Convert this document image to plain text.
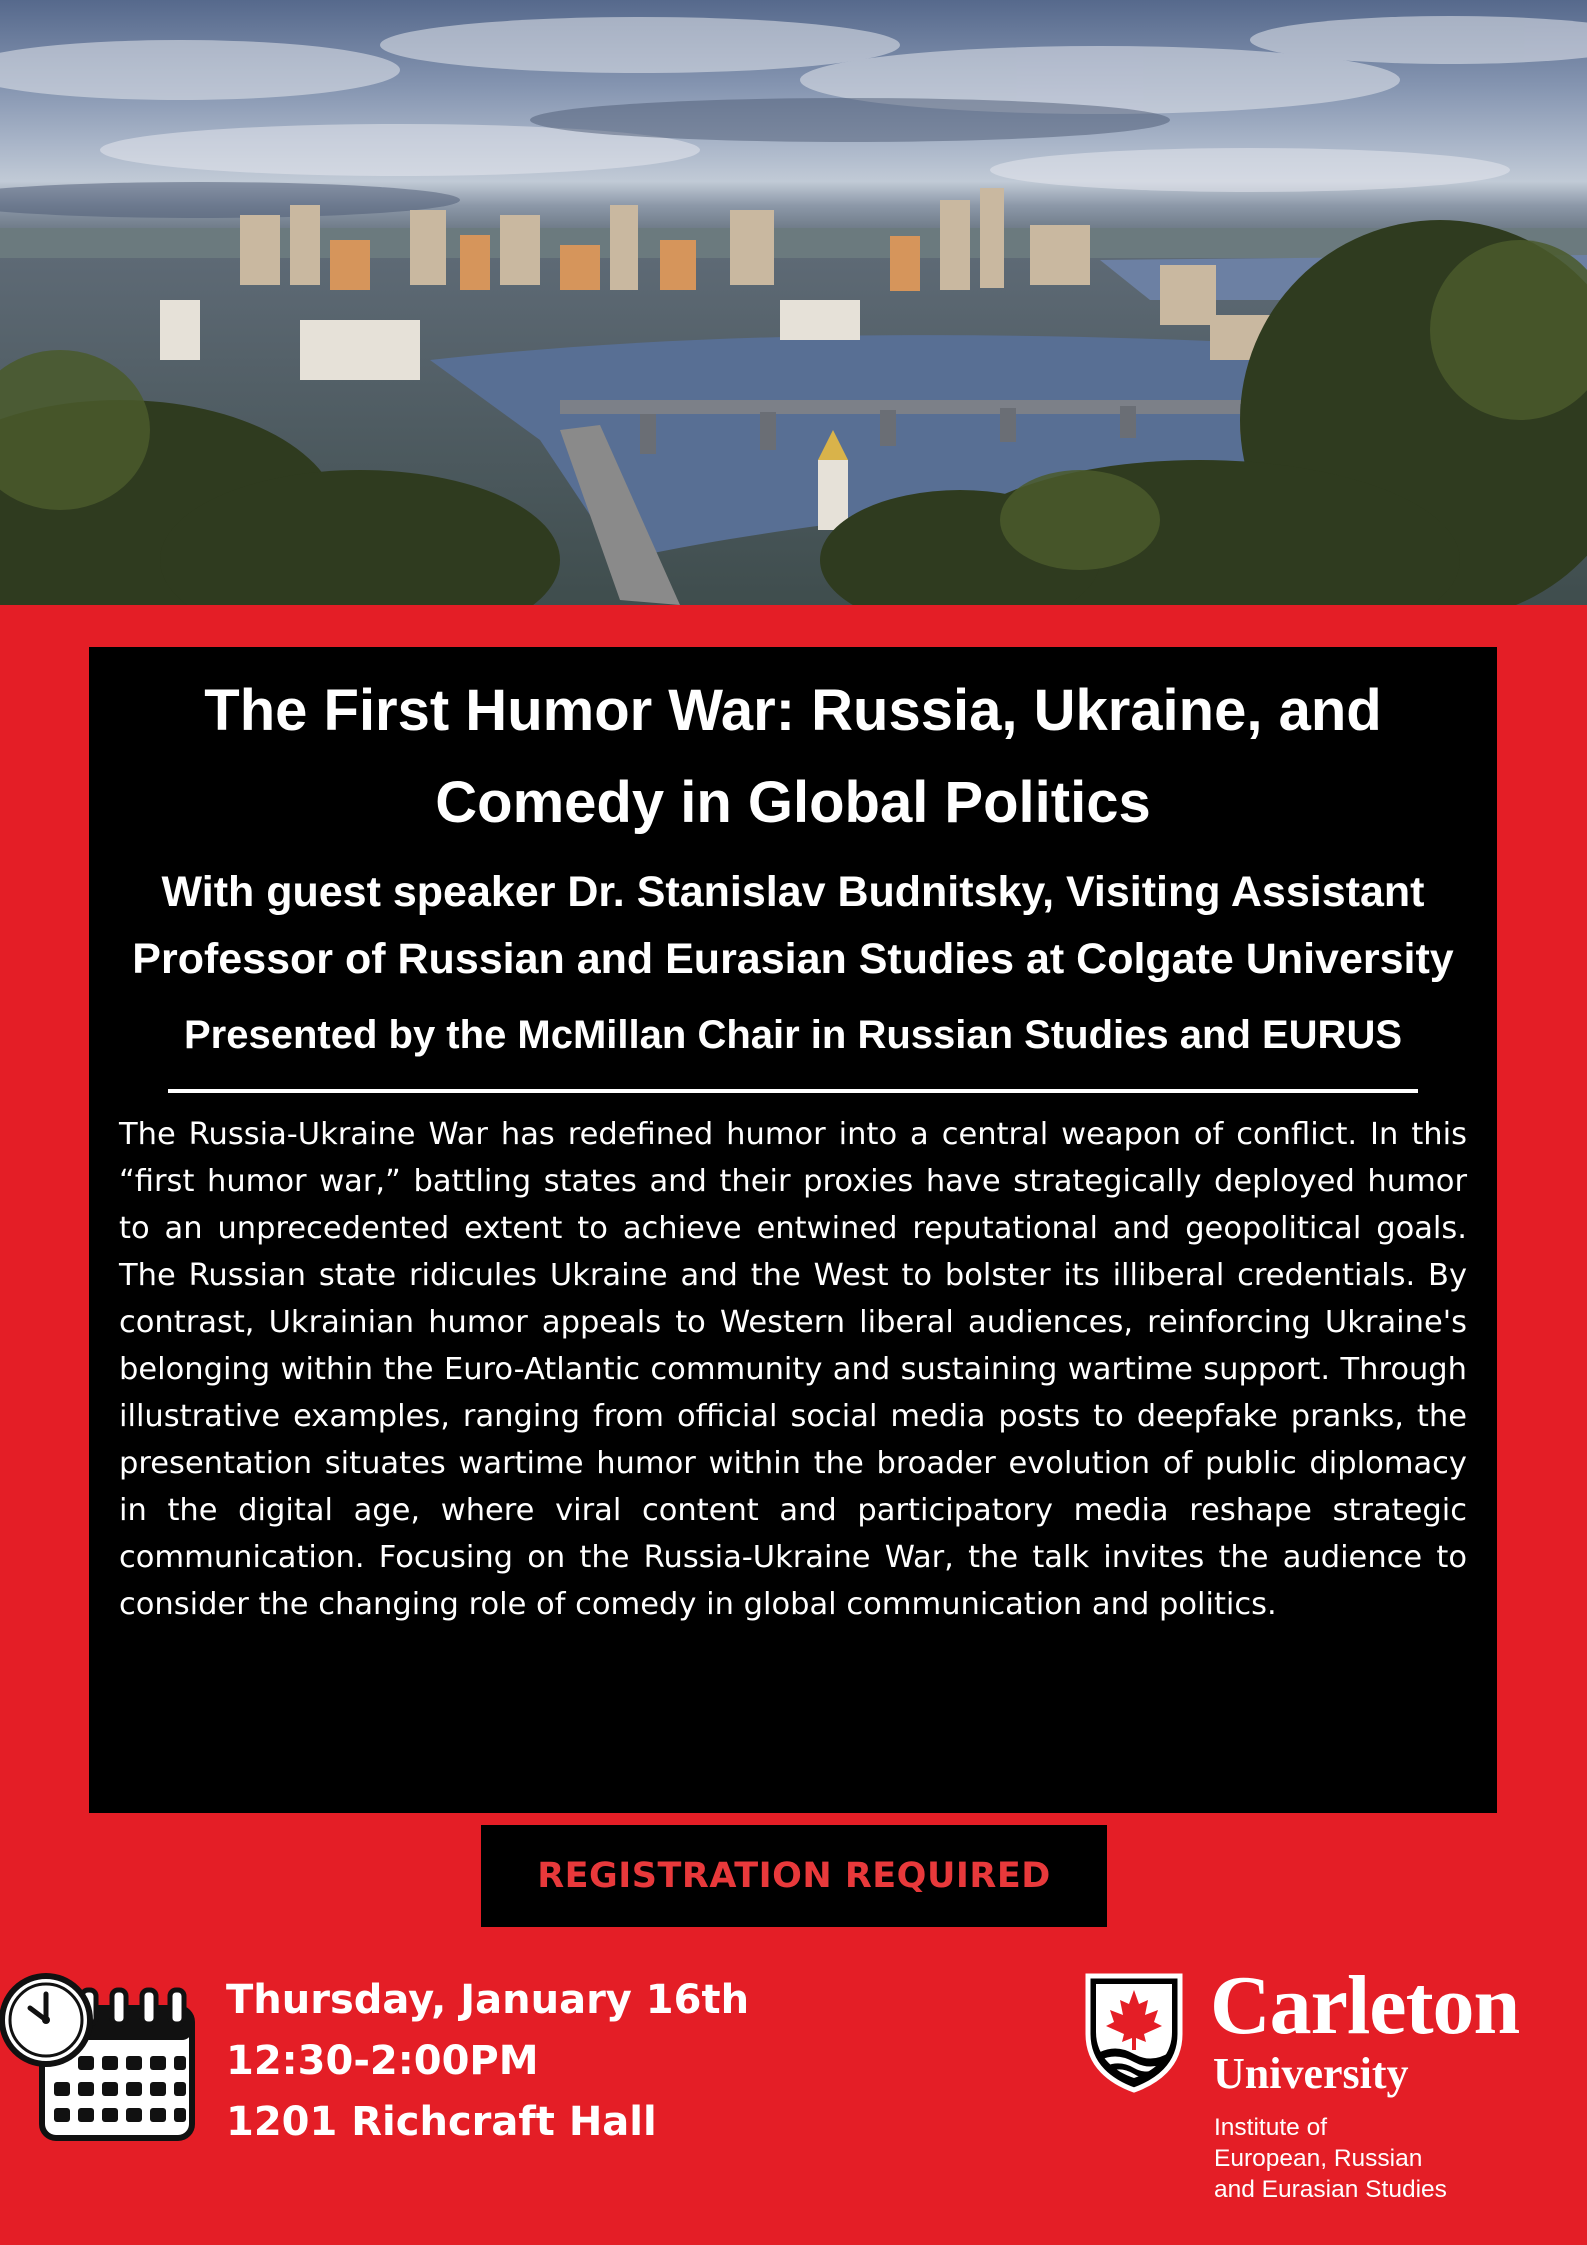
The First Humor War: Russia, Ukraine, and Comedy in Global Politics

With guest speaker Dr. Stanislav Budnitsky, Visiting Assistant Professor of Russian and Eurasian Studies at Colgate University

Presented by the McMillan Chair in Russian Studies and EURUS

The Russia-Ukraine War has redefined humor into a central weapon of conflict. In this “first humor war,” battling states and their proxies have strategically deployed humor to an unprecedented extent to achieve entwined reputational and geopolitical goals. The Russian state ridicules Ukraine and the West to bolster its illiberal credentials. By contrast, Ukrainian humor appeals to Western liberal audiences, reinforcing Ukraine's belonging within the Euro-Atlantic community and sustaining wartime support. Through illustrative examples, ranging from official social media posts to deepfake pranks, the presentation situates wartime humor within the broader evolution of public diplomacy in the digital age, where viral content and participatory media reshape strategic communication. Focusing on the Russia-Ukraine War, the talk invites the audience to consider the changing role of comedy in global communication and politics.

REGISTRATION REQUIRED
Thursday, January 16th
12:30-2:00PM
1201 Richcraft Hall
Carleton
University
Institute of
European, Russian
and Eurasian Studies
